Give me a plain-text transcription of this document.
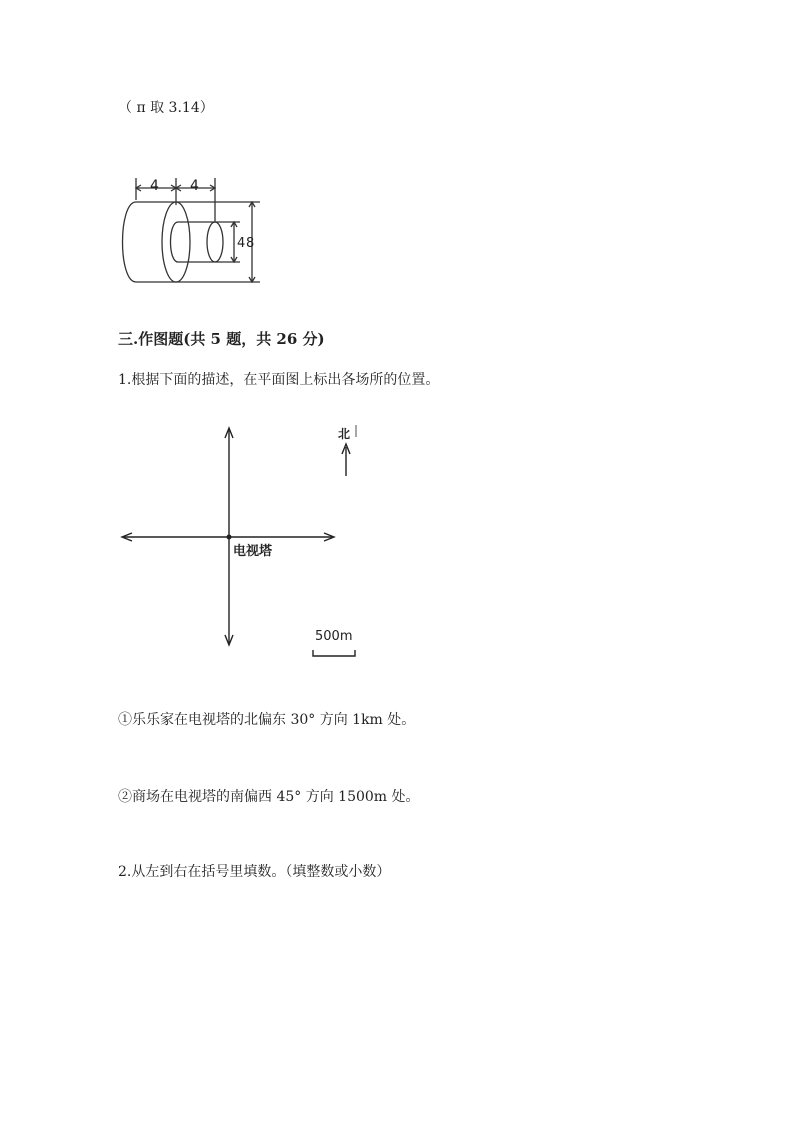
（ π 取 3.14）
4 4
4 8
三.作图题(共 5 题，共 26 分)
1.根据下面的描述，在平面图上标出各场所的位置。
北
电视塔
500m
①乐乐家在电视塔的北偏东 30° 方向 1km 处。
②商场在电视塔的南偏西 45° 方向 1500m 处。
2.从左到右在括号里填数。（填整数或小数）
